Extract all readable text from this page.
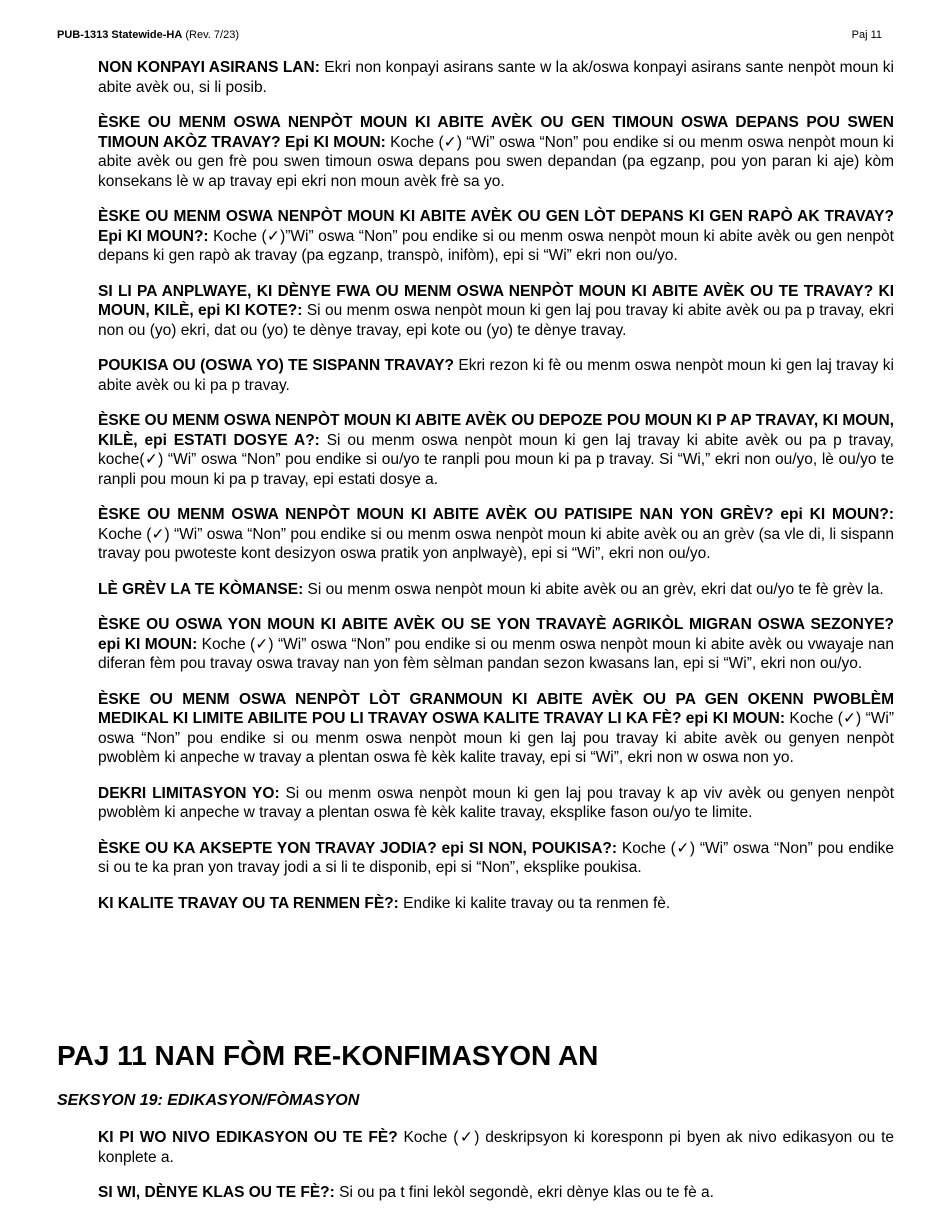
PUB-1313 Statewide-HA (Rev. 7/23)	Paj 11

NON KONPAYI ASIRANS LAN: Ekri non konpayi asirans sante w la ak/oswa konpayi asirans sante nenpòt moun ki abite avèk ou, si li posib.

ÈSKE OU MENM OSWA NENPÒT MOUN KI ABITE AVÈK OU GEN TIMOUN OSWA DEPANS POU SWEN TIMOUN AKÒZ TRAVAY? Epi KI MOUN: Koche (✓) “Wi” oswa “Non” pou endike si ou menm oswa nenpòt moun ki abite avèk ou gen frè pou swen timoun oswa depans pou swen depandan (pa egzanp, pou yon paran ki aje) kòm konsekans lè w ap travay epi ekri non moun avèk frè sa yo.

ÈSKE OU MENM OSWA NENPÒT MOUN KI ABITE AVÈK OU GEN LÒT DEPANS KI GEN RAPÒ AK TRAVAY? Epi KI MOUN?: Koche (✓)”Wi” oswa “Non” pou endike si ou menm oswa nenpòt moun ki abite avèk ou gen nenpòt depans ki gen rapò ak travay (pa egzanp, transpò, inifòm), epi si “Wi” ekri non ou/yo.

SI LI PA ANPLWAYE, KI DÈNYE FWA OU MENM OSWA NENPÒT MOUN KI ABITE AVÈK OU TE TRAVAY? KI MOUN, KILÈ, epi KI KOTE?: Si ou menm oswa nenpòt moun ki gen laj pou travay ki abite avèk ou pa p travay, ekri non ou (yo) ekri, dat ou (yo) te dènye travay, epi kote ou (yo) te dènye travay.

POUKISA OU (OSWA YO) TE SISPANN TRAVAY? Ekri rezon ki fè ou menm oswa nenpòt moun ki gen laj travay ki abite avèk ou ki pa p travay.

ÈSKE OU MENM OSWA NENPÒT MOUN KI ABITE AVÈK OU DEPOZE POU MOUN KI P AP TRAVAY, KI MOUN, KILÈ, epi ESTATI DOSYE A?: Si ou menm oswa nenpòt moun ki gen laj travay ki abite avèk ou pa p travay, koche(✓) “Wi” oswa “Non” pou endike si ou/yo te ranpli pou moun ki pa p travay. Si “Wi,” ekri non ou/yo, lè ou/yo te ranpli pou moun ki pa p travay, epi estati dosye a.

ÈSKE OU MENM OSWA NENPÒT MOUN KI ABITE AVÈK OU PATISIPE NAN YON GRÈV? epi KI MOUN?: Koche (✓) “Wi” oswa “Non” pou endike si ou menm oswa nenpòt moun ki abite avèk ou an grèv (sa vle di, li sispann travay pou pwoteste kont desizyon oswa pratik yon anplwayè), epi si “Wi”, ekri non ou/yo.

LÈ GRÈV LA TE KÒMANSE: Si ou menm oswa nenpòt moun ki abite avèk ou an grèv, ekri dat ou/yo te fè grèv la.

ÈSKE OU OSWA YON MOUN KI ABITE AVÈK OU SE YON TRAVAYÈ AGRIKÒL MIGRAN OSWA SEZONYE? epi KI MOUN: Koche (✓) “Wi” oswa “Non” pou endike si ou menm oswa nenpòt moun ki abite avèk ou vwayaje nan diferan fèm pou travay oswa travay nan yon fèm sèlman pandan sezon kwasans lan, epi si “Wi”, ekri non ou/yo.

ÈSKE OU MENM OSWA NENPÒT LÒT GRANMOUN KI ABITE AVÈK OU PA GEN OKENN PWOBLÈM MEDIKAL KI LIMITE ABILITE POU LI TRAVAY OSWA KALITE TRAVAY LI KA FÈ? epi KI MOUN: Koche (✓) “Wi” oswa “Non” pou endike si ou menm oswa nenpòt moun ki gen laj pou travay ki abite avèk ou genyen nenpòt pwoblèm ki anpeche w travay a plentan oswa fè kèk kalite travay, epi si “Wi”, ekri non w oswa non yo.

DEKRI LIMITASYON YO: Si ou menm oswa nenpòt moun ki gen laj pou travay k ap viv avèk ou genyen nenpòt pwoblèm ki anpeche w travay a plentan oswa fè kèk kalite travay, eksplike fason ou/yo te limite.

ÈSKE OU KA AKSEPTE YON TRAVAY JODIA? epi SI NON, POUKISA?: Koche (✓) “Wi” oswa “Non” pou endike si ou te ka pran yon travay jodi a si li te disponib, epi si “Non”, eksplike poukisa.

KI KALITE TRAVAY OU TA RENMEN FÈ?: Endike ki kalite travay ou ta renmen fè.

PAJ 11 NAN FÒM RE-KONFIMASYON AN
SEKSYON 19: EDIKASYON/FÒMASYON

KI PI WO NIVO EDIKASYON OU TE FÈ? Koche (✓) deskripsyon ki koresponn pi byen ak nivo edikasyon ou te konplete a.

SI WI, DÈNYE KLAS OU TE FÈ?: Si ou pa t fini lekòl segondè, ekri dènye klas ou te fè a.
